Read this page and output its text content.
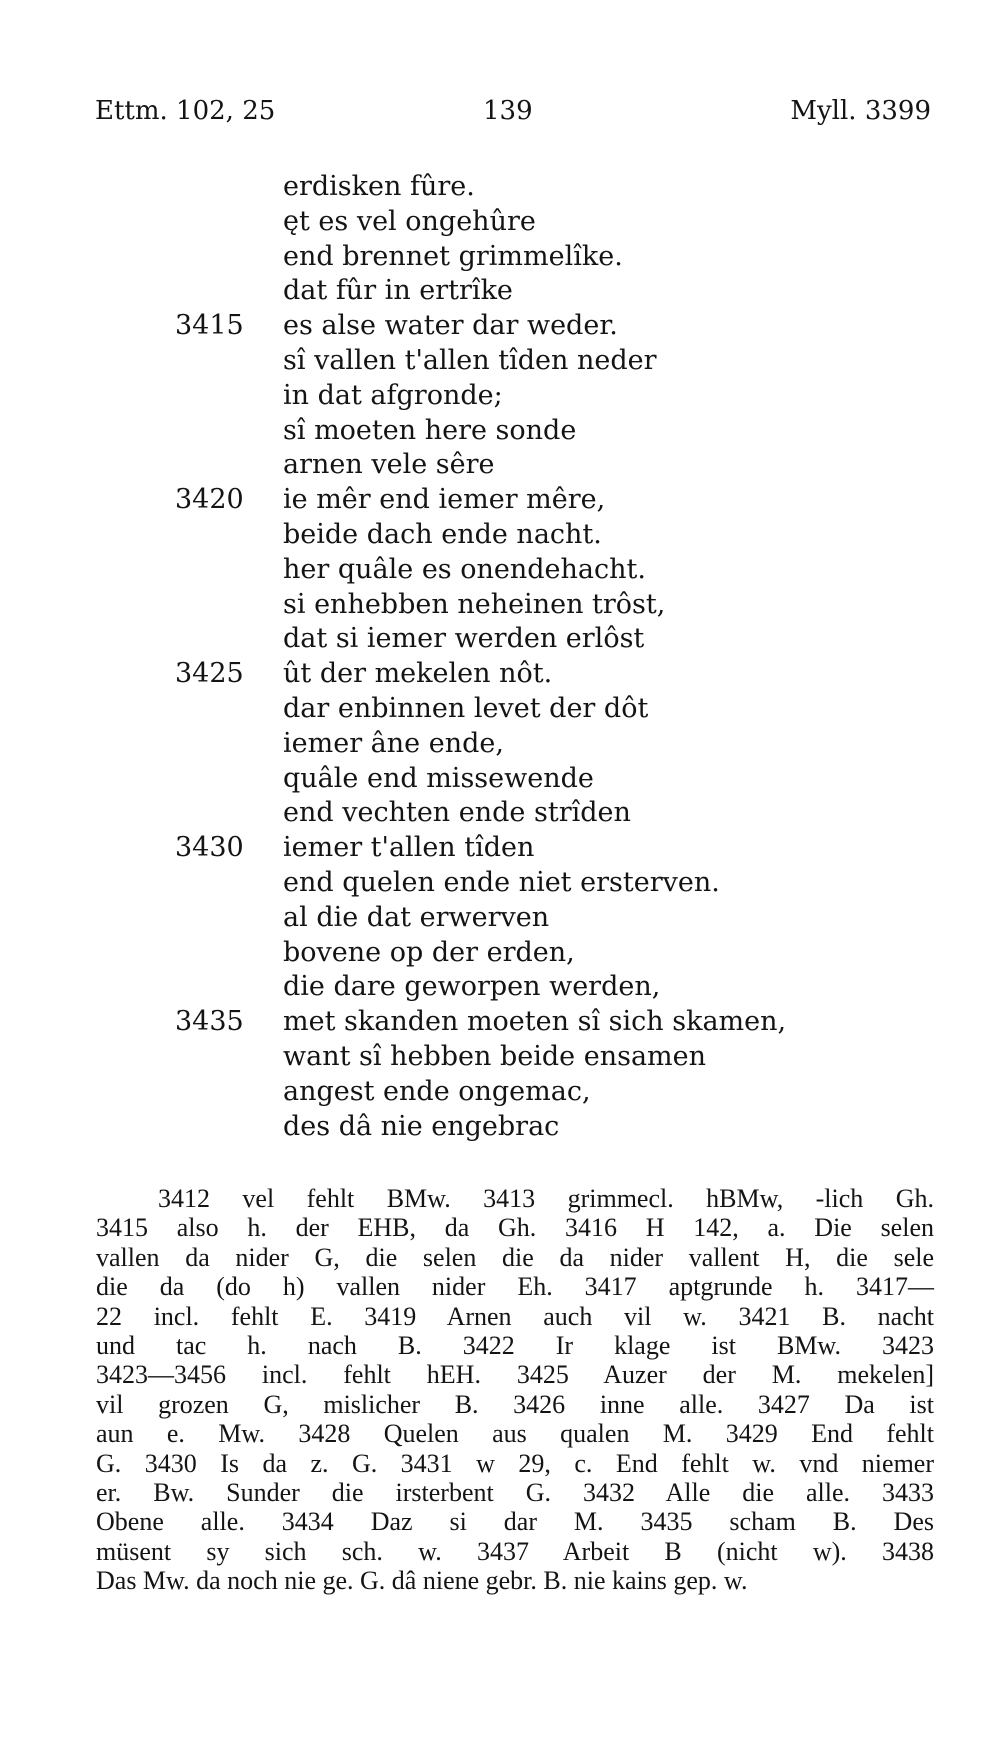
Ettm. 102, 25	139	Myll. 3399
erdisken fûre.
ęt es vel ongehûre
end brennet grimmelîke.
dat fûr in ertrîke
3415	es alse water dar weder.
sî vallen t'allen tîden neder
in dat afgronde;
sî moeten here sonde
arnen vele sêre
3420	ie mêr end iemer mêre,
beide dach ende nacht.
her quâle es onendehacht.
si enhebben neheinen trôst,
dat si iemer werden erlôst
3425	ût der mekelen nôt.
dar enbinnen levet der dôt
iemer âne ende,
quâle end missewende
end vechten ende strîden
3430	iemer t'allen tîden
end quelen ende niet ersterven.
al die dat erwerven
bovene op der erden,
die dare geworpen werden,
3435	met skanden moeten sî sich skamen,
want sî hebben beide ensamen
angest ende ongemac,
des dâ nie engebrac
3412 vel fehlt BMw. 3413 grimmecl. hBMw, -lich Gh.
3415 also h. der EHB, da Gh. 3416 H 142, a. Die selen
vallen da nider G, die selen die da nider vallent H, die sele
die da (do h) vallen nider Eh. 3417 aptgrunde h. 3417—
22 incl. fehlt E. 3419 Arnen auch vil w. 3421 B. nacht
und tac h. nach B. 3422 Ir klage ist BMw. 3423
3423—3456 incl. fehlt hEH. 3425 Auzer der M. mekelen]
vil grozen G, mislicher B. 3426 inne alle. 3427 Da ist
aun e. Mw. 3428 Quelen aus qualen M. 3429 End fehlt
G. 3430 Is da z. G. 3431 w 29, c. End fehlt w. vnd niemer
er. Bw. Sunder die irsterbent G. 3432 Alle die alle. 3433
Obene alle. 3434 Daz si dar M. 3435 scham B. Des
müsent sy sich sch. w. 3437 Arbeit B (nicht w). 3438
Das Mw. da noch nie ge. G. dâ niene gebr. B. nie kains gep. w.
